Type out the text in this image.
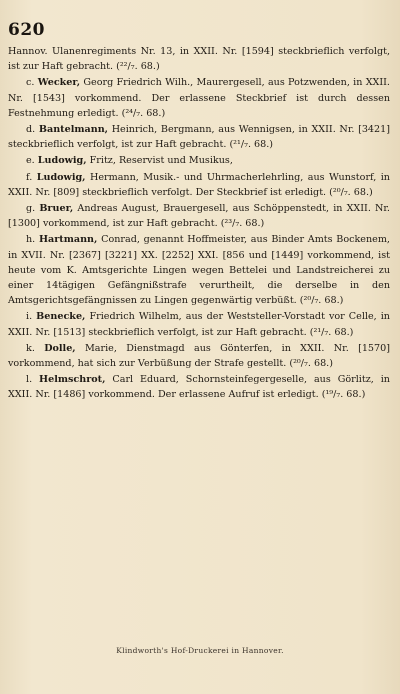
620

Hannov. Ulanenregiments Nr. 13, in XXII. Nr. [1594] steckbrieflich verfolgt, ist zur Haft gebracht. (²²/₇. 68.)

c. Wecker, Georg Friedrich Wilh., Maurergesell, aus Potzwenden, in XXII. Nr. [1543] vorkommend. Der erlassene Steckbrief ist durch dessen Festnehmung erledigt. (²⁴/₇. 68.)

d. Bantelmann, Heinrich, Bergmann, aus Wennigsen, in XXII. Nr. [3421] steckbrieflich verfolgt, ist zur Haft gebracht. (²¹/₇. 68.)

e. Ludowig, Fritz, Reservist und Musikus,

f. Ludowig, Hermann, Musik.- und Uhrmacherlehrling, aus Wunstorf, in XXII. Nr. [809] steckbrieflich verfolgt. Der Steckbrief ist erledigt. (²⁰/₇. 68.)

g. Bruer, Andreas August, Brauergesell, aus Schöppenstedt, in XXII. Nr. [1300] vorkommend, ist zur Haft gebracht. (²³/₇. 68.)

h. Hartmann, Conrad, genannt Hoffmeister, aus Binder Amts Bockenem, in XVII. Nr. [2367] [3221] XX. [2252] XXI. [856 und [1449] vorkommend, ist heute vom K. Amtsgerichte Lingen wegen Bettelei und Landstreicherei zu einer 14tägigen Gefängnißstrafe verurtheilt, die derselbe in den Amtsgerichtsgefängnissen zu Lingen gegenwärtig verbüßt. (²⁰/₇. 68.)

i. Benecke, Friedrich Wilhelm, aus der Weststeller-Vorstadt vor Celle, in XXII. Nr. [1513] steckbrieflich verfolgt, ist zur Haft gebracht. (²¹/₇. 68.)

k. Dolle, Marie, Dienstmagd aus Gönterfen, in XXII. Nr. [1570] vorkommend, hat sich zur Verbüßung der Strafe gestellt. (²⁰/₇. 68.)

l. Helmschrot, Carl Eduard, Schornsteinfegergeselle, aus Görlitz, in XXII. Nr. [1486] vorkommend. Der erlassene Aufruf ist erledigt. (¹⁹/₇. 68.)

Klindworth's Hof-Druckerei in Hannover.
